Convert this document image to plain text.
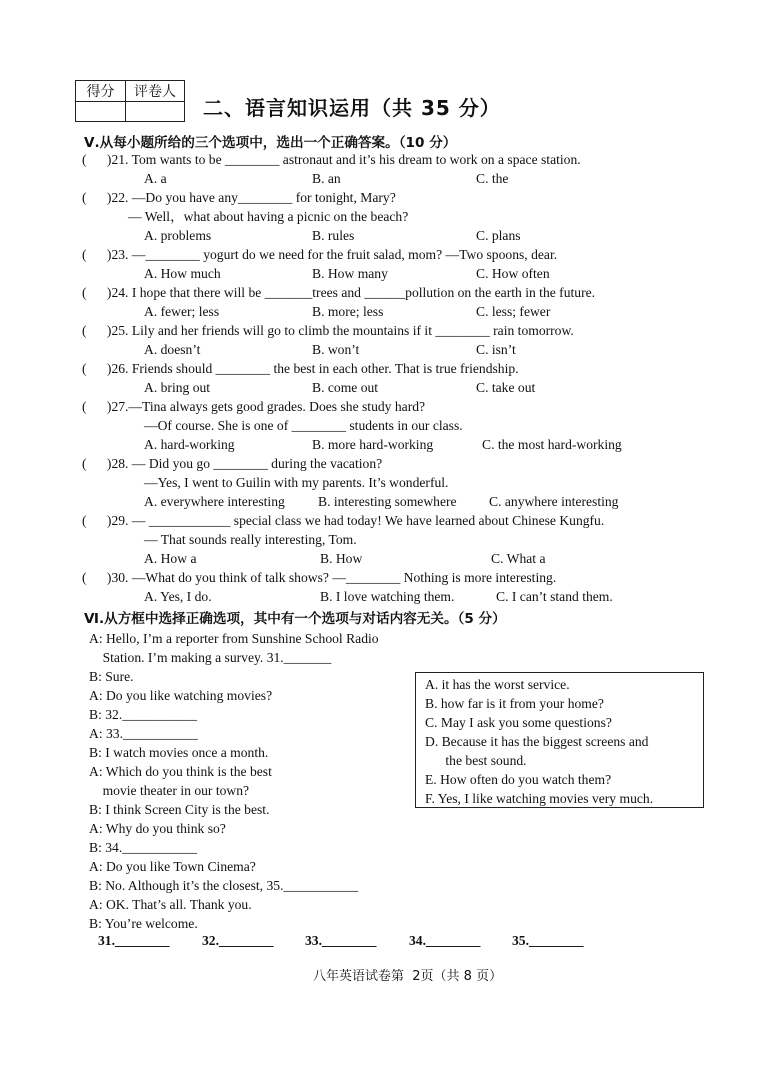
得分	评卷人

二、语言知识运用（共 35 分）
Ⅴ.从每小题所给的三个选项中，选出一个正确答案。（10 分）
(      )21. Tom wants to be ________ astronaut and it’s his dream to work on a space station.
A. a	B. an	C. the
(      )22. —Do you have any________ for tonight, Mary?
— Well，what about having a picnic on the beach?
A. problems	B. rules	C. plans
(      )23. —________ yogurt do we need for the fruit salad, mom? —Two spoons, dear.
A. How much	B. How many	C. How often
(      )24. I hope that there will be _______trees and ______pollution on the earth in the future.
A. fewer; less	B. more; less	C. less; fewer
(      )25. Lily and her friends will go to climb the mountains if it ________ rain tomorrow.
A. doesn’t	B. won’t	C. isn’t
(      )26. Friends should ________ the best in each other. That is true friendship.
A. bring out	B. come out	C. take out
(      )27.—Tina always gets good grades. Does she study hard?
—Of course. She is one of ________ students in our class.
A. hard-working	B. more hard-working	C. the most hard-working
(      )28. — Did you go ________ during the vacation?
—Yes, I went to Guilin with my parents. It’s wonderful.
A. everywhere interesting B. interesting somewhere C. anywhere interesting
(      )29. — ____________ special class we had today! We have learned about Chinese Kungfu.
— That sounds really interesting, Tom.
A. How a	B. How	C. What a
(      )30. —What do you think of talk shows? —________ Nothing is more interesting.
A. Yes, I do.	B. I love watching them.	C. I can’t stand them.
Ⅵ.从方框中选择正确选项，其中有一个选项与对话内容无关。（5 分）
A: Hello, I’m a reporter from Sunshine School Radio
Station. I’m making a survey. 31._______
B: Sure.
A: Do you like watching movies?
B: 32.___________
A: 33.___________
B: I watch movies once a month.
A: Which do you think is the best
movie theater in our town?
B: I think Screen City is the best.
A: Why do you think so?
B: 34.___________
A: Do you like Town Cinema?
B: No. Although it’s the closest, 35.___________
A: OK. That’s all. Thank you.
B: You’re welcome.
A. it has the worst service.
B. how far is it from your home?
C. May I ask you some questions?
D. Because it has the biggest screens and
the best sound.
E. How often do you watch them?
F. Yes, I like watching movies very much.
31.________ 32.________ 33.________ 34.________ 35.________
八年英语试卷第  2页（共 8 页）
